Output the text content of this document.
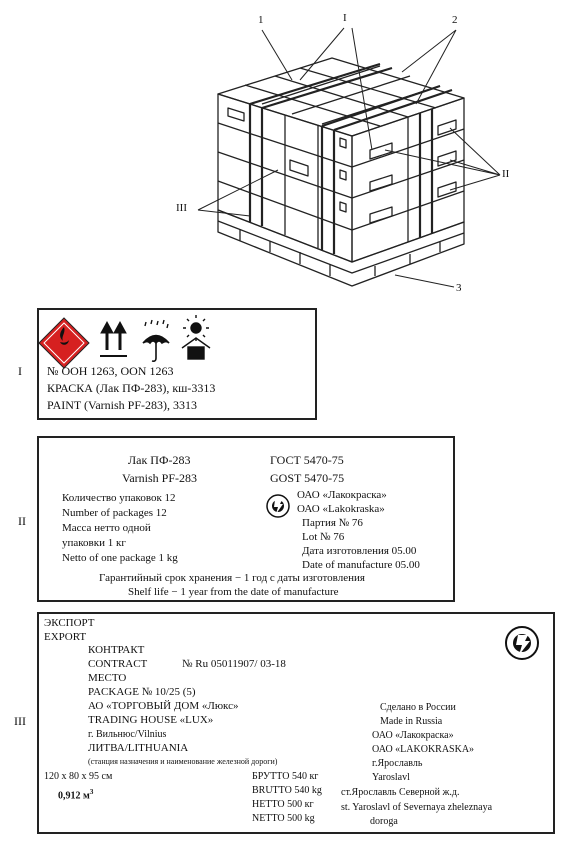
1	I	2
II
III
3
I № ООН 1263, OON 1263
КРАСКА (Лак ПФ-283), кш-3313
PAINT (Varnish PF-283), 3313
II
Лак ПФ-283	ГОСТ 5470-75
Varnish PF-283	GOST 5470-75
Количество упаковок 12
Number of packages 12
Масса нетто одной
упаковки 1 кг
Netto of one package 1 kg
ОАО «Лакокраска»
ОАО «Lakokraska»
Партия № 76
Lot № 76
Дата изготовления 05.00
Date of manufacture 05.00
Гарантийный срок хранения − 1 год с даты изготовления
Shelf life − 1 year from the date of manufacture
III
ЭКСПОРТ
EXPORT
КОНТРАКТ
CONTRACT	№ Ru 05011907/ 03-18
МЕСТО
PACKAGE № 10/25 (5)
АО «ТОРГОВЫЙ ДОМ «Люкс»
TRADING HOUSE «LUX»
г. Вильнюс/Vilnius
ЛИТВА/LITHUANIA
(станция назначения и наименование железной дороги)
120 х 80 х 95 см
0,912 $м^3$
БРУТТО 540 кг
BRUTTO 540 kg
НЕТТО 500 кг
NETTO 500 kg
Сделано в России
Made in Russia
ОАО «Лакокраска»
ОАО «LAKOKRASKA»
г.Ярославль
Yaroslavl
ст.Ярославль Северной ж.д.
st. Yaroslavl of Severnaya zheleznaya
doroga
